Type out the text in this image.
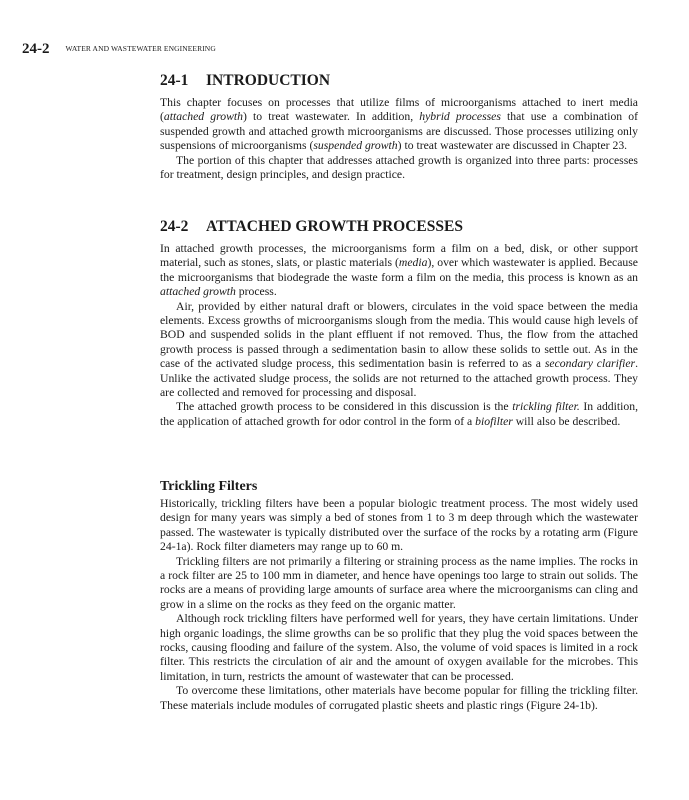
24-2 WATER AND WASTEWATER ENGINEERING
24-1 INTRODUCTION

This chapter focuses on processes that utilize films of microorganisms attached to inert media (attached growth) to treat wastewater. In addition, hybrid processes that use a combination of suspended growth and attached growth microorganisms are discussed. Those processes utilizing only suspensions of microorganisms (suspended growth) to treat wastewater are discussed in Chapter 23.

The portion of this chapter that addresses attached growth is organized into three parts: processes for treatment, design principles, and design practice.

24-2 ATTACHED GROWTH PROCESSES

In attached growth processes, the microorganisms form a film on a bed, disk, or other support material, such as stones, slats, or plastic materials (media), over which wastewater is applied. Because the microorganisms that biodegrade the waste form a film on the media, this process is known as an attached growth process.

Air, provided by either natural draft or blowers, circulates in the void space between the media elements. Excess growths of microorganisms slough from the media. This would cause high levels of BOD and suspended solids in the plant effluent if not removed. Thus, the flow from the attached growth process is passed through a sedimentation basin to allow these solids to settle out. As in the case of the activated sludge process, this sedimentation basin is referred to as a secondary clarifier. Unlike the activated sludge process, the solids are not returned to the attached growth process. They are collected and removed for processing and disposal.

The attached growth process to be considered in this discussion is the trickling filter. In addition, the application of attached growth for odor control in the form of a biofilter will also be described.

Trickling Filters

Historically, trickling filters have been a popular biologic treatment process. The most widely used design for many years was simply a bed of stones from 1 to 3 m deep through which the wastewater passed. The wastewater is typically distributed over the surface of the rocks by a rotating arm (Figure 24-1a). Rock filter diameters may range up to 60 m.

Trickling filters are not primarily a filtering or straining process as the name implies. The rocks in a rock filter are 25 to 100 mm in diameter, and hence have openings too large to strain out solids. The rocks are a means of providing large amounts of surface area where the microorganisms can cling and grow in a slime on the rocks as they feed on the organic matter.

Although rock trickling filters have performed well for years, they have certain limitations. Under high organic loadings, the slime growths can be so prolific that they plug the void spaces between the rocks, causing flooding and failure of the system. Also, the volume of void spaces is limited in a rock filter. This restricts the circulation of air and the amount of oxygen available for the microbes. This limitation, in turn, restricts the amount of wastewater that can be processed.

To overcome these limitations, other materials have become popular for filling the trickling filter. These materials include modules of corrugated plastic sheets and plastic rings (Figure 24-1b).
